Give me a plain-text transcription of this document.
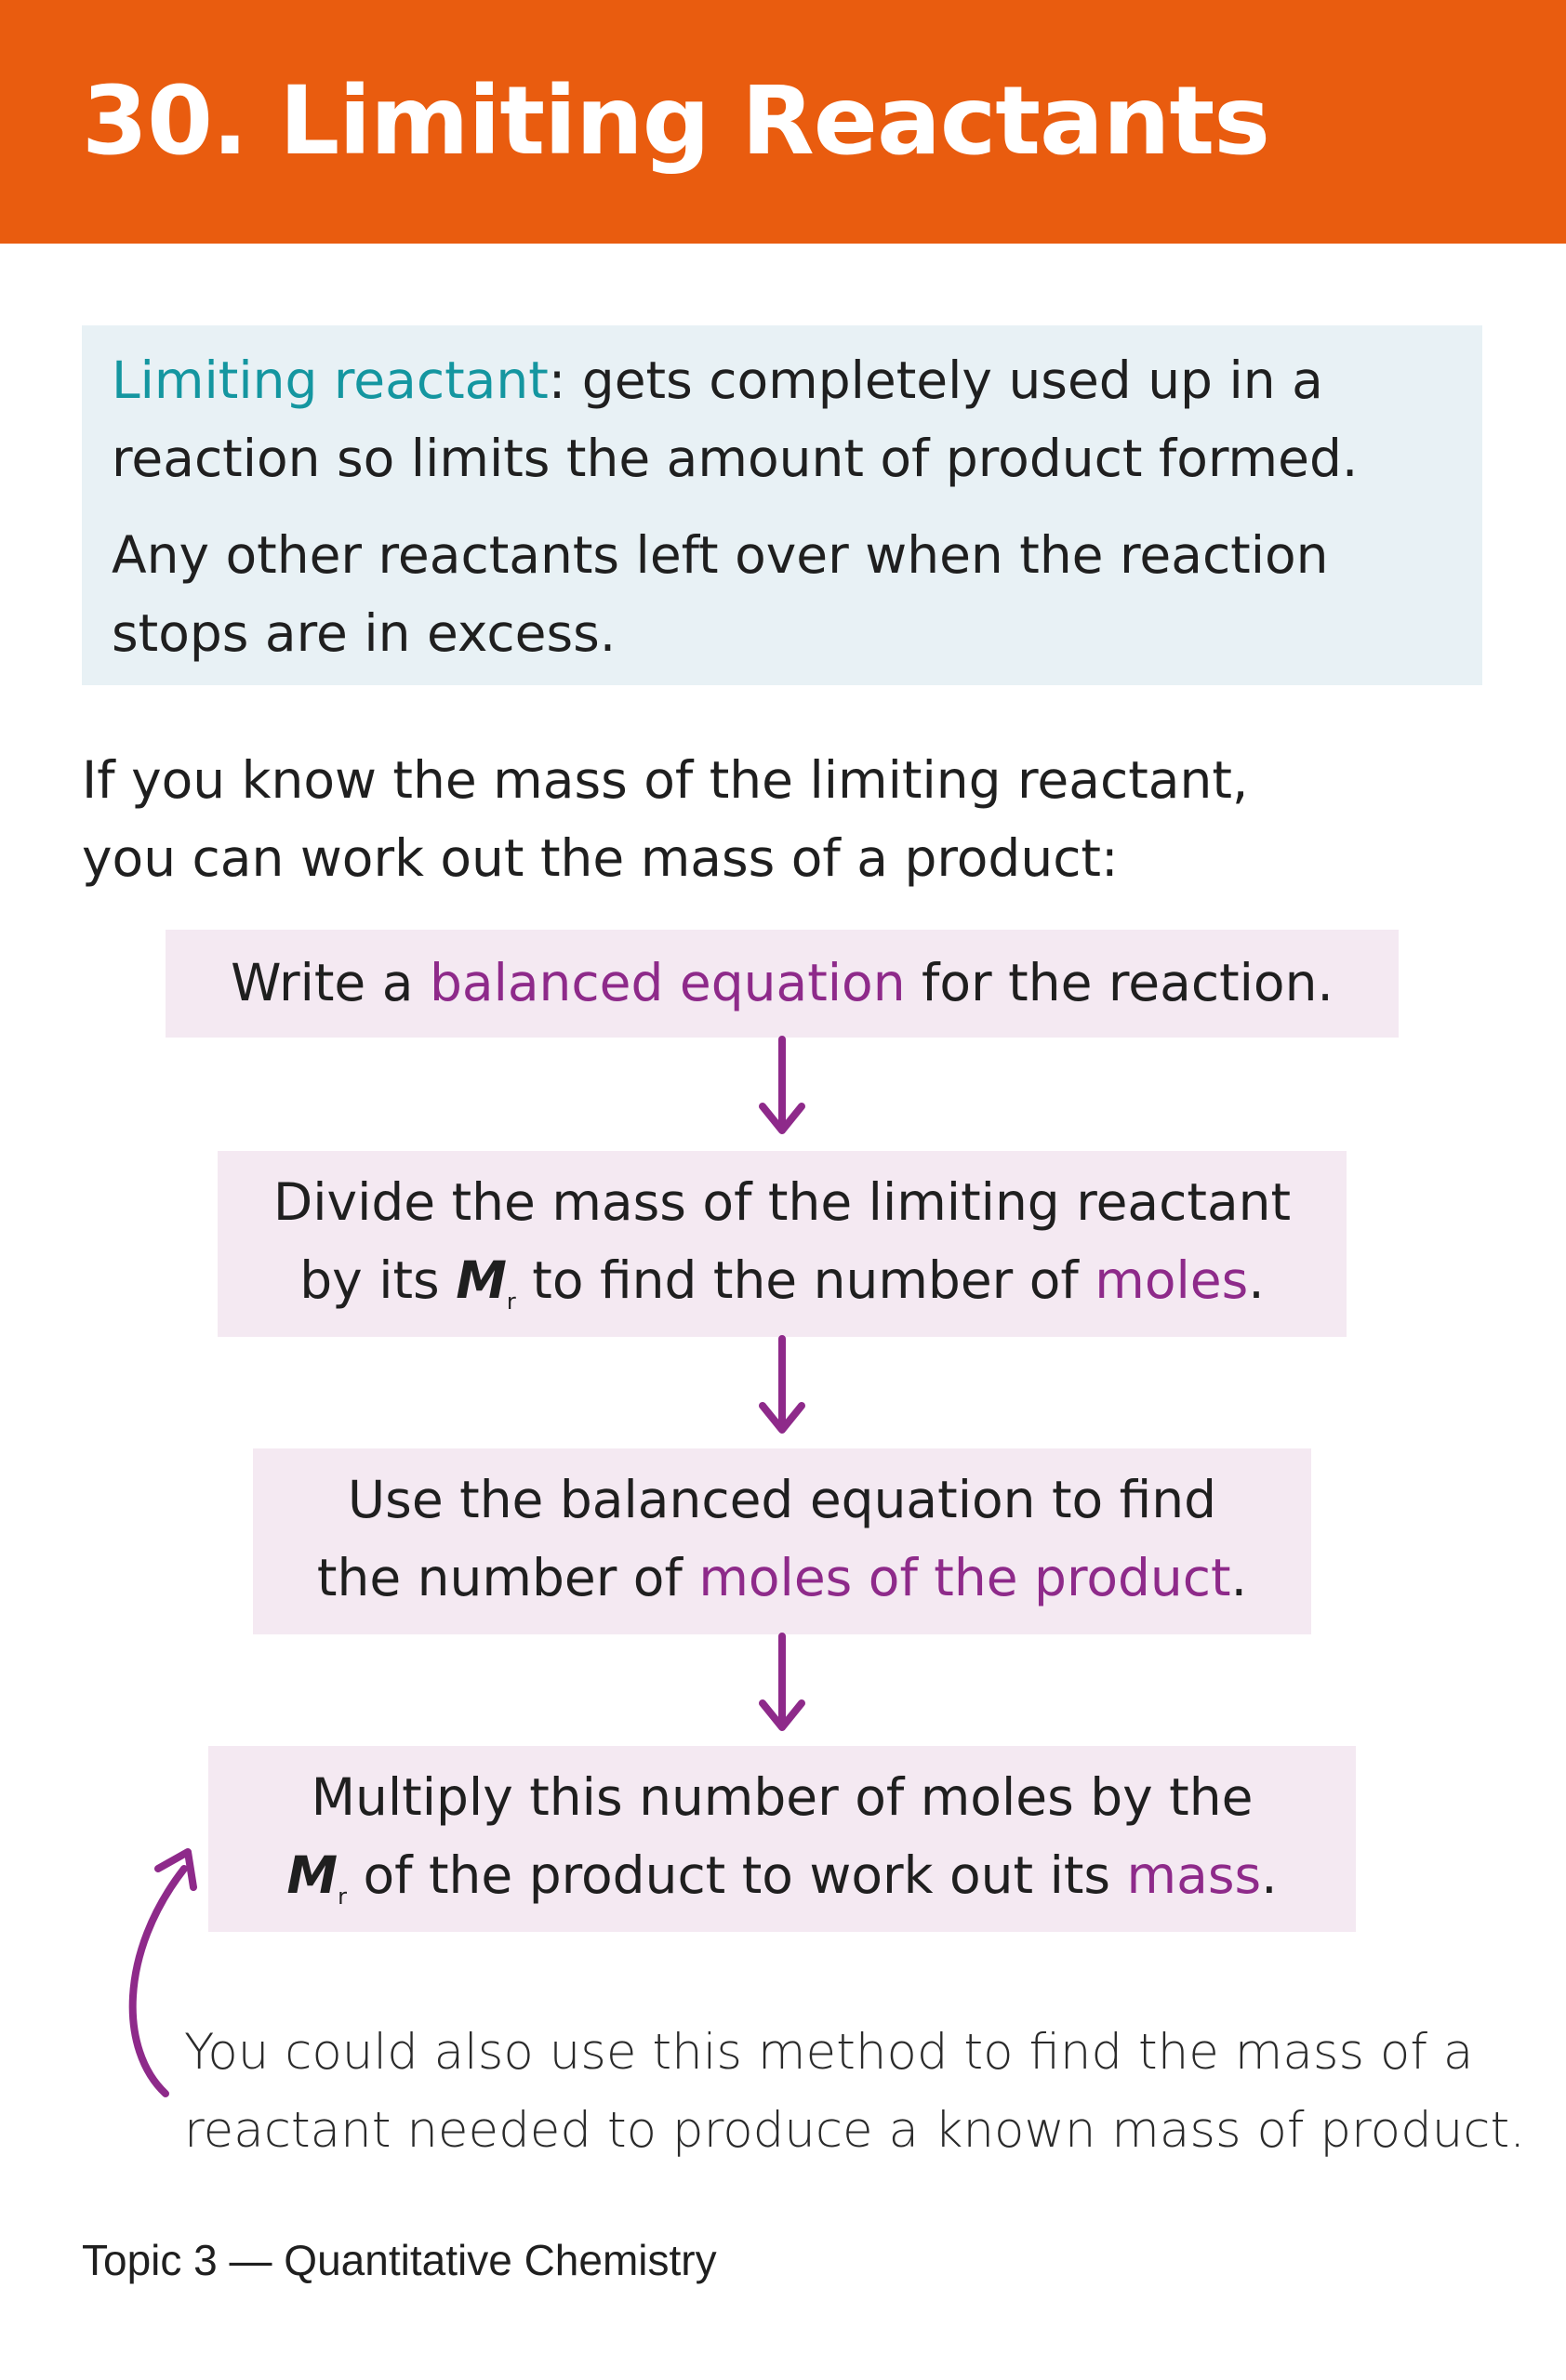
30. Limiting Reactants

Limiting reactant: gets completely used up in a

reaction so limits the amount of product formed.

Any other reactants left over when the reaction

stops are in excess.

If you know the mass of the limiting reactant,

you can work out the mass of a product:

Write a balanced equation for the reaction.

Divide the mass of the limiting reactant

by its $M_r$ to find the number of moles.

Use the balanced equation to find

the number of moles of the product.

Multiply this number of moles by the

$M_r$ of the product to work out its mass.

You could also use this method to find the mass of a

reactant needed to produce a known mass of product.

Topic 3 — Quantitative Chemistry
